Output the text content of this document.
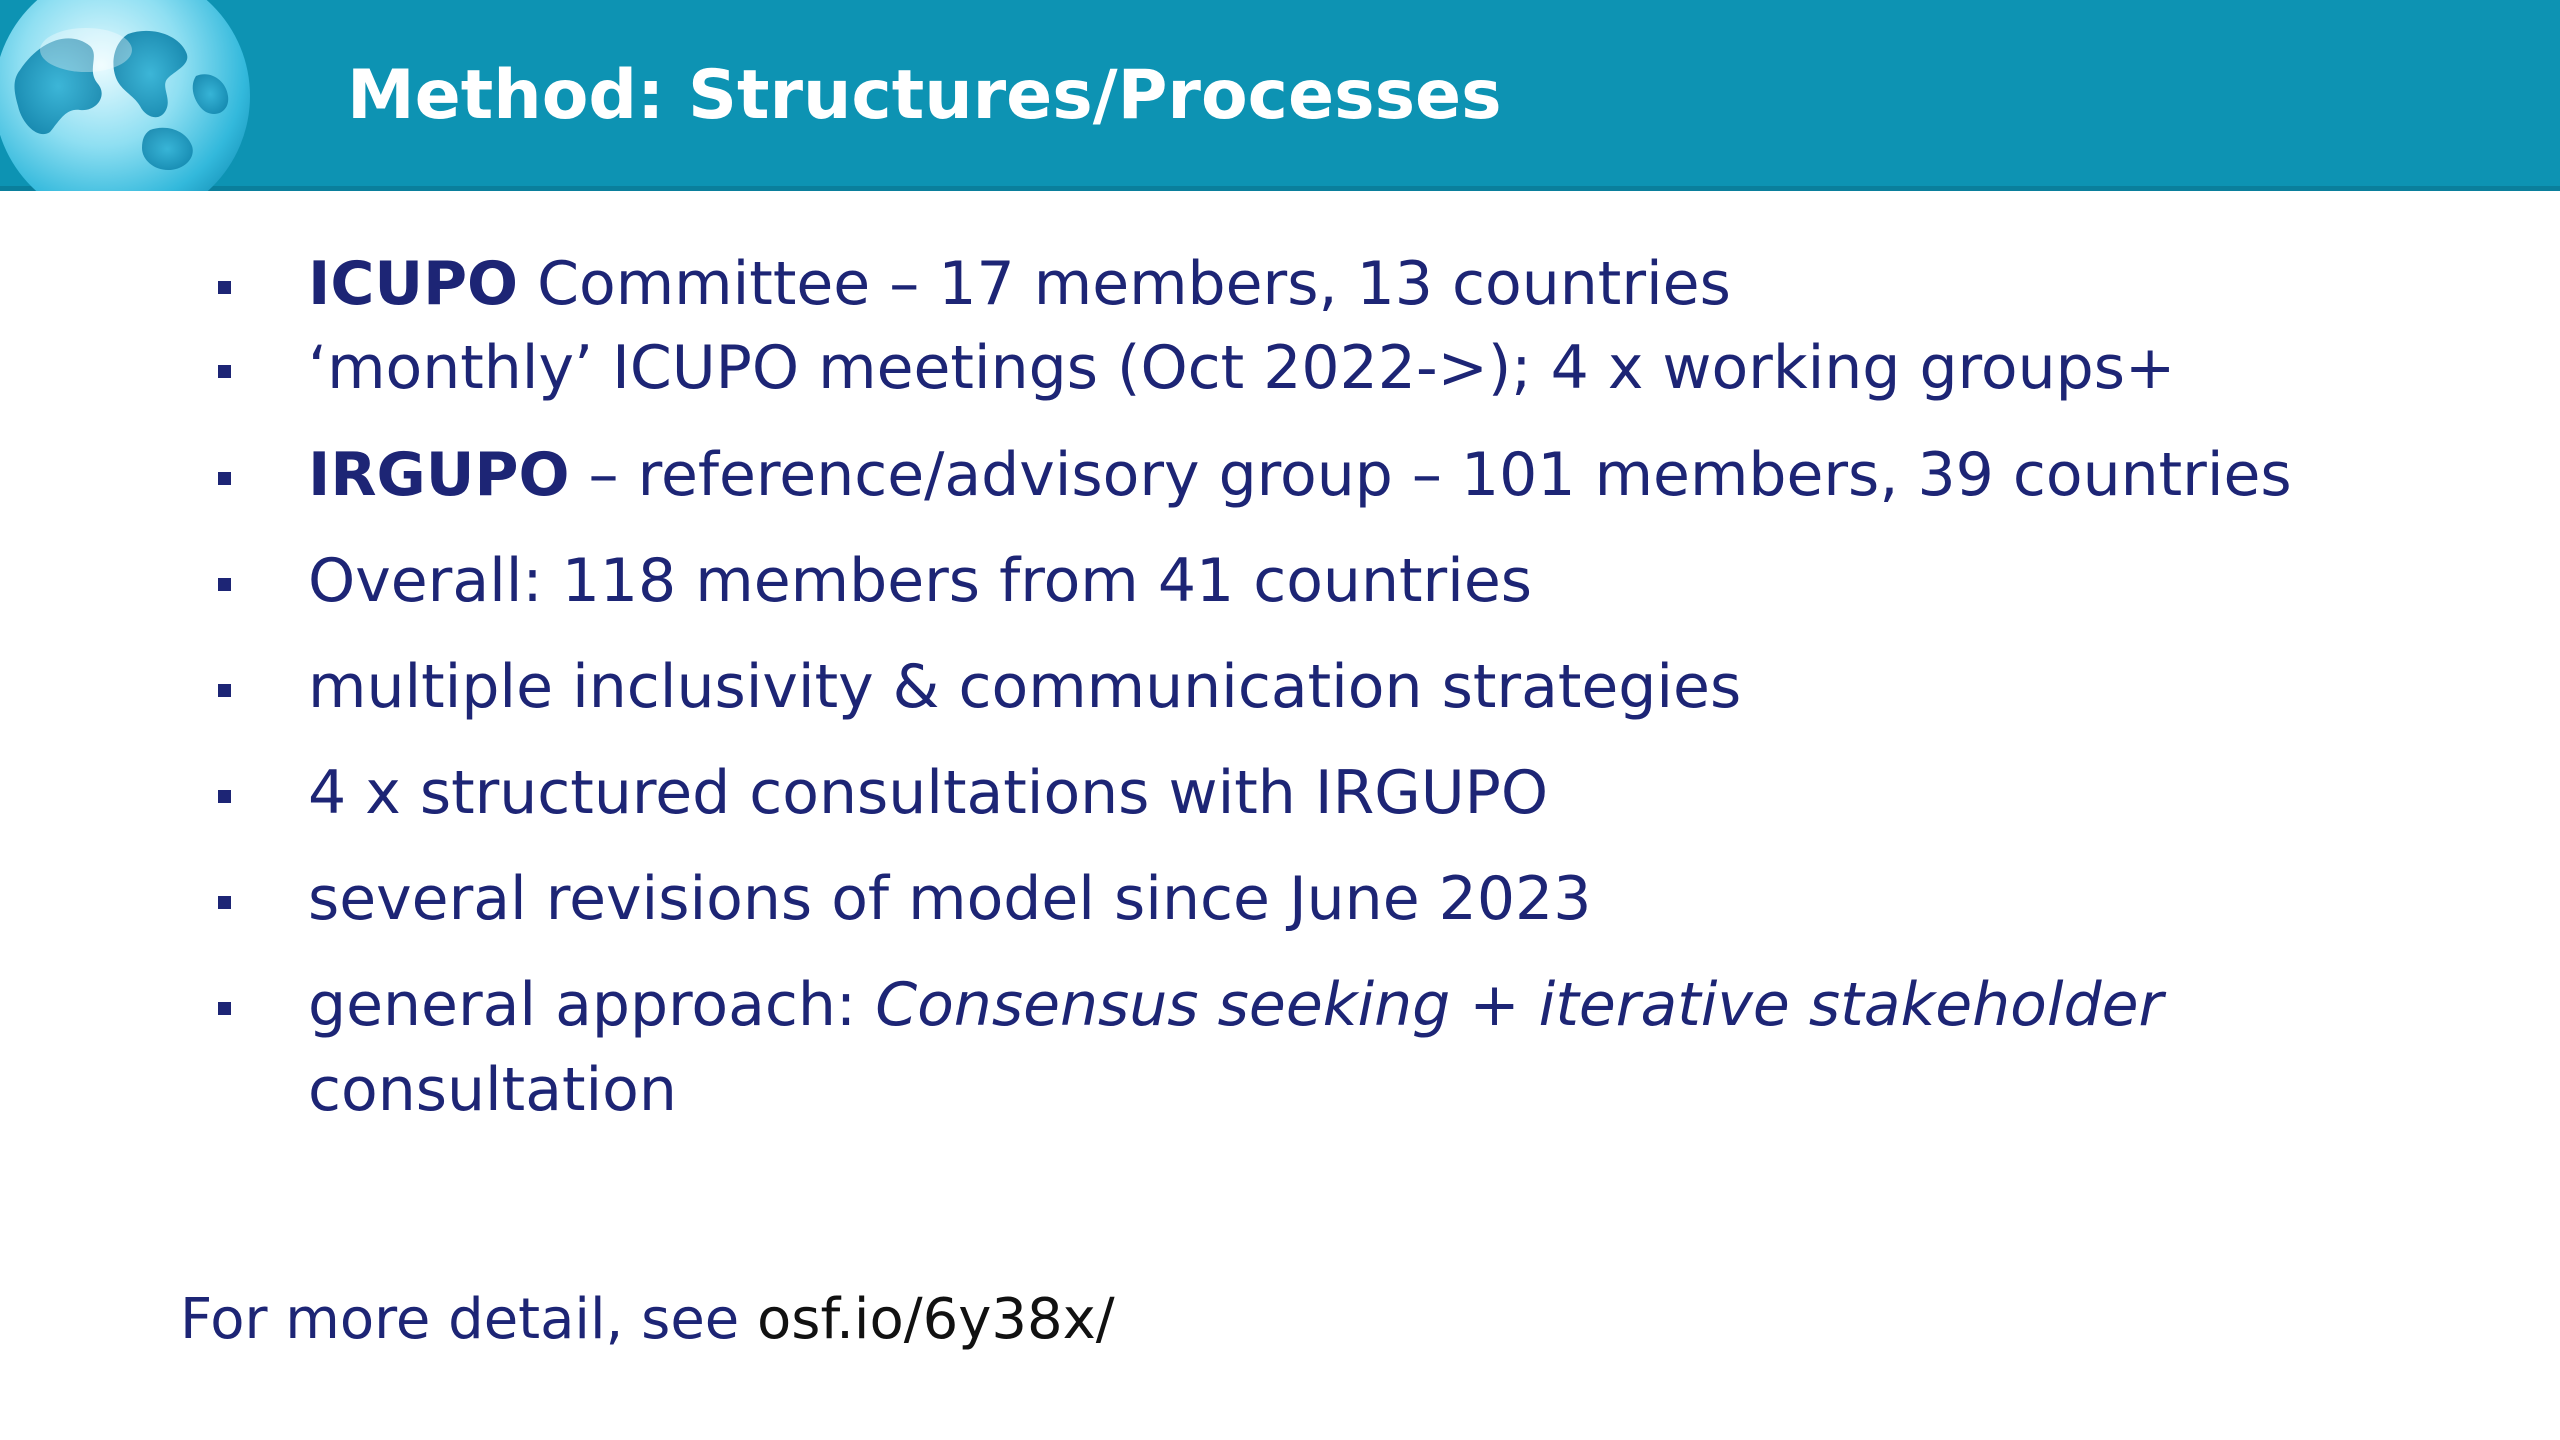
Method: Structures/Processes
ICUPO Committee – 17 members, 13 countries
‘monthly’ ICUPO meetings (Oct 2022->); 4 x working groups+
IRGUPO – reference/advisory group – 101 members, 39 countries
Overall: 118 members from 41 countries
multiple inclusivity & communication strategies
4 x structured consultations with IRGUPO
several revisions of model since June 2023
general approach: Consensus seeking + iterative stakeholder
consultation
For more detail, see osf.io/6y38x/
